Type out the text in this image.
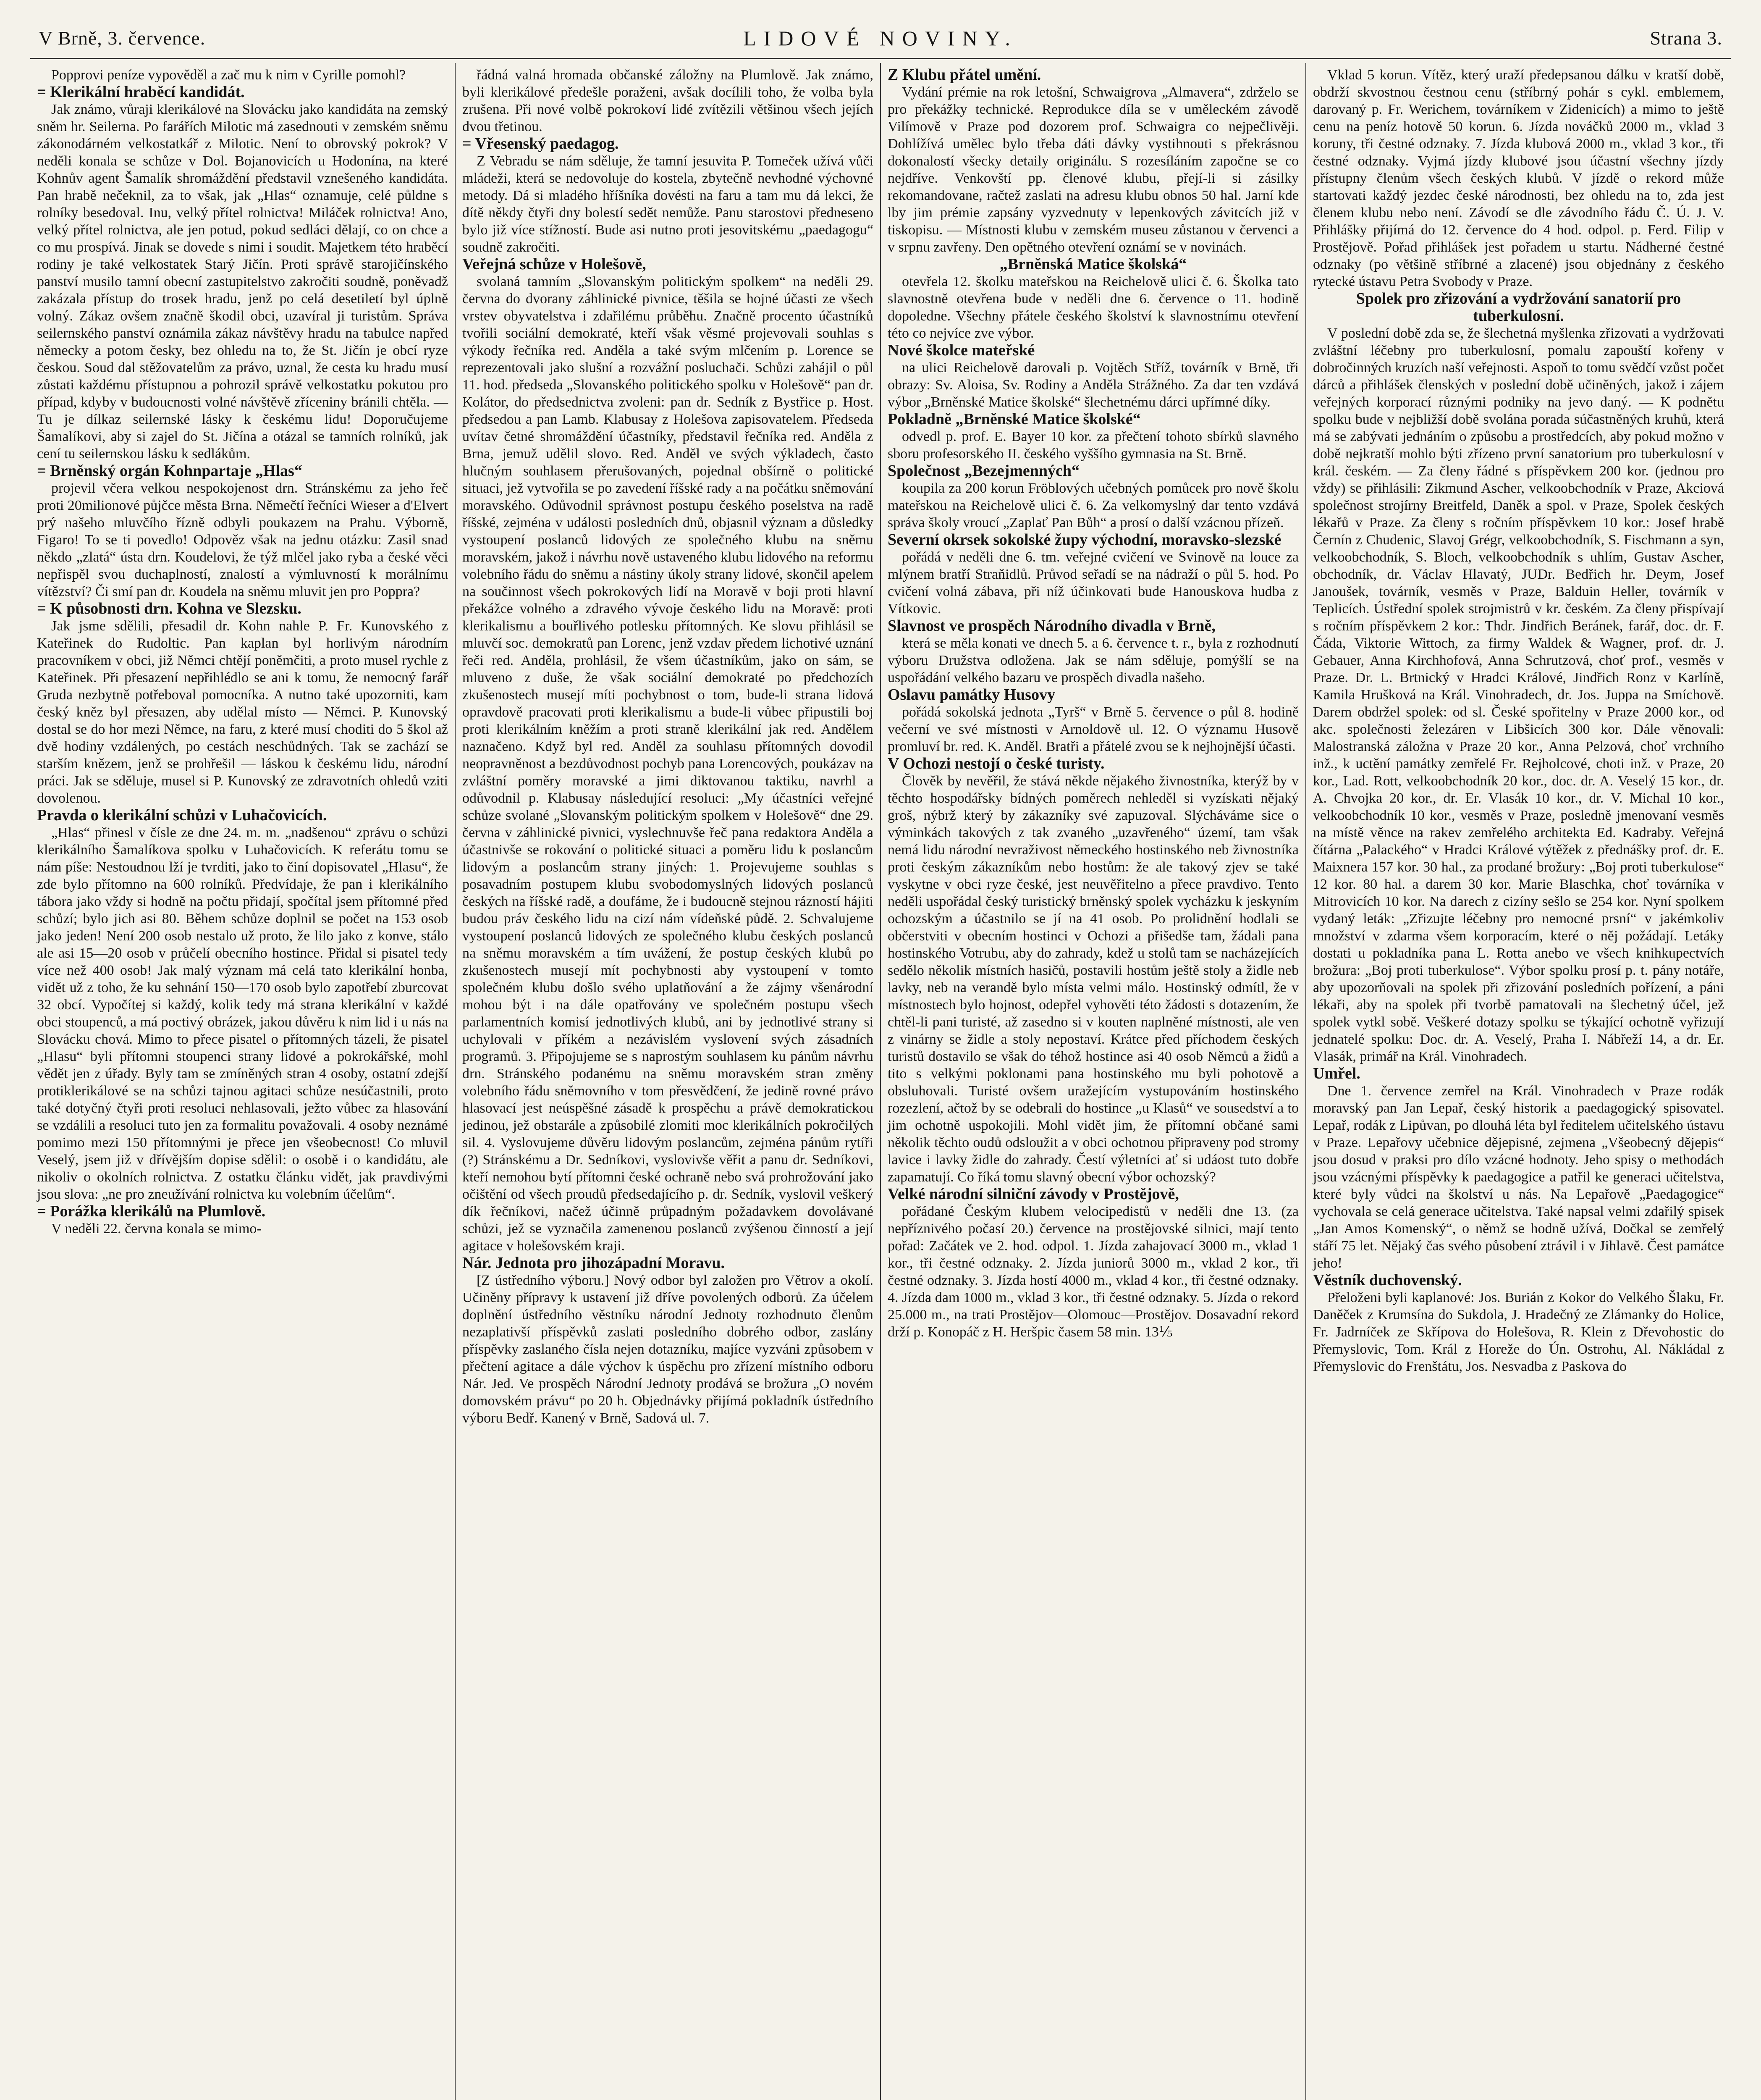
V Brně, 3. července.	LIDOVÉ NOVINY.	Strana 3.

Popprovi peníze vypověděl a zač mu k nim v Cyrille pomohl?

= Klerikální hraběcí kandidát.

Jak známo, vůraji klerikálové na Slovácku jako kandidáta na zemský sněm hr. Seilerna. Po farářích Milotic má zasednouti v zemském sněmu zákonodárném velkostatkář z Milotic. Není to obrovský pokrok? V neděli konala se schůze v Dol. Bojanovicích u Hodonína, na které Kohnův agent Šamalík shromáždění představil vznešeného kandidáta. Pan hrabě nečeknil, za to však, jak „Hlas“ oznamuje, celé půldne s rolníky besedoval. Inu, velký přítel rolnictva! Miláček rolnictva! Ano, velký přítel rolnictva, ale jen potud, pokud sedláci dělají, co on chce a co mu prospívá. Jinak se dovede s nimi i soudit. Majetkem této hraběcí rodiny je také velkostatek Starý Jičín. Proti správě starojičínského panství musilo tamní obecní zastupitelstvo zakročiti soudně, poněvadž zakázala přístup do trosek hradu, jenž po celá desetiletí byl úplně volný. Zákaz ovšem značně škodil obci, uzavíral ji turistům. Správa seilernského panství oznámila zákaz návštěvy hradu na tabulce napřed německy a potom česky, bez ohledu na to, že St. Jičín je obcí ryze českou. Soud dal stěžovatelům za právo, uznal, že cesta ku hradu musí zůstati každému přístupnou a pohrozil správě velkostatku pokutou pro případ, kdyby v budoucnosti volné návštěvě zříceniny bránili chtěla. — Tu je dílkaz seilernské lásky k českému lidu! Doporučujeme Šamalíkovi, aby si zajel do St. Jičína a otázal se tamních rolníků, jak cení tu seilernskou lásku k sedlákům.

= Brněnský orgán Kohnpartaje „Hlas“

projevil včera velkou nespokojenost drn. Stránskému za jeho řeč proti 20milionové půjčce města Brna. Němečtí řečníci Wieser a d'Elvert prý našeho mluvčího řízně odbyli poukazem na Prahu. Výborně, Figaro! To se ti povedlo! Odpověz však na jednu otázku: Zasil snad někdo „zlatá“ ústa drn. Koudelovi, že týž mlčel jako ryba a české věci nepřispěl svou duchaplností, znalostí a výmluvností k morálnímu vítězství? Či smí pan dr. Koudela na sněmu mluvit jen pro Poppra?

= K působnosti drn. Kohna ve Slezsku.

Jak jsme sdělili, přesadil dr. Kohn nahle P. Fr. Kunovského z Kateřinek do Rudoltic. Pan kaplan byl horlivým národním pracovníkem v obci, již Němci chtějí poněmčiti, a proto musel rychle z Kateřinek. Při přesazení nepřihlédlo se ani k tomu, že nemocný farář Gruda nezbytně potřeboval pomocníka. A nutno také upozorniti, kam český kněz byl přesazen, aby udělal místo — Němci. P. Kunovský dostal se do hor mezi Němce, na faru, z které musí choditi do 5 škol až dvě hodiny vzdálených, po cestách neschůdných. Tak se zachází se starším knězem, jenž se prohřešil — láskou k českému lidu, národní práci. Jak se sděluje, musel si P. Kunovský ze zdravotních ohledů vziti dovolenou.

Pravda o klerikální schůzi v Luhačovicích.

„Hlas“ přinesl v čísle ze dne 24. m. m. „nadšenou“ zprávu o schůzi klerikálního Šamalíkova spolku v Luhačovicích. K referátu tomu se nám píše: Nestoudnou lží je tvrditi, jako to činí dopisovatel „Hlasu“, že zde bylo přítomno na 600 rolníků. Předvídaje, že pan i klerikálního tábora jako vždy si hodně na počtu přidají, spočítal jsem přítomné před schůzí; bylo jich asi 80. Během schůze doplnil se počet na 153 osob jako jeden! Není 200 osob nestalo už proto, že lilo jako z konve, stálo ale asi 15—20 osob v průčelí obecního hostince. Přidal si pisatel tedy více než 400 osob! Jak malý význam má celá tato klerikální honba, vidět už z toho, že ku sehnání 150—170 osob bylo zapotřebí zburcovat 32 obcí. Vypočítej si každý, kolik tedy má strana klerikální v každé obci stoupenců, a má poctivý obrázek, jakou důvěru k nim lid i u nás na Slovácku chová. Mimo to přece pisatel o přítomných tázeli, že pisatel „Hlasu“ byli přítomni stoupenci strany lidové a pokrokářské, mohl vědět jen z úřady. Byly tam se zmíněných stran 4 osoby, ostatní zdejší protiklerikálové se na schůzi tajnou agitaci schůze nesúčastnili, proto také dotyčný čtyři proti resoluci nehlasovali, ježto vůbec za hlasování se vzdálili a resoluci tuto jen za formalitu považovali. 4 osoby neznámé pomimo mezi 150 přítomnými je přece jen všeobecnost! Co mluvil Veselý, jsem již v dřívějším dopise sdělil: o osobě i o kandidátu, ale nikoliv o okolních rolnictva. Z ostatku článku vidět, jak pravdivými jsou slova: „ne pro zneužívání rolnictva ku volebním účelům“.

= Porážka klerikálů na Plumlově.

V neděli 22. června konala se mimo-

řádná valná hromada občanské záložny na Plumlově. Jak známo, byli klerikálové předešle poraženi, avšak docílili toho, že volba byla zrušena. Při nové volbě pokrokoví lidé zvítězili většinou všech jejích dvou třetinou.

= Vřesenský paedagog.

Z Vebradu se nám sděluje, že tamní jesuvita P. Tomeček užívá vůči mládeži, která se nedovoluje do kostela, zbytečně nevhodné výchovné metody. Dá si mladého hříšníka dovésti na faru a tam mu dá lekci, že dítě někdy čtyři dny bolestí sedět nemůže. Panu starostovi předneseno bylo již více stížností. Bude asi nutno proti jesovitskému „paedagogu“ soudně zakročiti.

Veřejná schůze v Holešově,

svolaná tamním „Slovanským politickým spolkem“ na neděli 29. června do dvorany záhlinické pivnice, těšila se hojné účasti ze všech vrstev obyvatelstva i zdařilému průběhu. Značně procento účastníků tvořili sociální demokraté, kteří však věsmé projevovali souhlas s výkody řečníka red. Anděla a také svým mlčením p. Lorence se reprezentovali jako slušní a rozvážní posluchači. Schůzi zahájil o půl 11. hod. předseda „Slovanského politického spolku v Holešově“ pan dr. Kolátor, do předsednictva zvoleni: pan dr. Sedník z Bystřice p. Host. předsedou a pan Lamb. Klabusay z Holešova zapisovatelem. Předseda uvítav četné shromáždění účastníky, představil řečníka red. Anděla z Brna, jemuž udělil slovo. Red. Anděl ve svých výkladech, často hlučným souhlasem přerušovaných, pojednal obšírně o politické situaci, jež vytvořila se po zavedení říšské rady a na počátku sněmování moravského. Odůvodnil správnost postupu českého poselstva na radě říšské, zejména v události posledních dnů, objasnil význam a důsledky vystoupení poslanců lidových ze společného klubu na sněmu moravském, jakož i návrhu nově ustaveného klubu lidového na reformu volebního řádu do sněmu a nástiny úkoly strany lidové, skončil apelem na součinnost všech pokrokových lidí na Moravě v boji proti hlavní překážce volného a zdravého vývoje českého lidu na Moravě: proti klerikalismu a bouřlivého potlesku přítomných. Ke slovu přihlásil se mluvčí soc. demokratů pan Lorenc, jenž vzdav předem lichotivé uznání řeči red. Anděla, prohlásil, že všem účastníkům, jako on sám, se mluveno z duše, že však sociální demokraté po předchozích zkušenostech musejí míti pochybnost o tom, bude-li strana lidová opravdově pracovati proti klerikalismu a bude-li vůbec připustili boj proti klerikálním kněžím a proti straně klerikální jak red. Andělem naznačeno. Když byl red. Anděl za souhlasu přítomných dovodil neopravněnost a bezdůvodnost pochyb pana Lorencových, poukázav na zvláštní poměry moravské a jimi diktovanou taktiku, navrhl a odůvodnil p. Klabusay následující resoluci: „My účastníci veřejné schůze svolané „Slovanským politickým spolkem v Holešově“ dne 29. června v záhlinické pivnici, vyslechnuvše řeč pana redaktora Anděla a účastnivše se rokování o politické situaci a poměru lidu k poslancům lidovým a poslancům strany jiných: 1. Projevujeme souhlas s posavadním postupem klubu svobodomyslných lidových poslanců českých na říšské radě, a doufáme, že i budoucně stejnou rázností hájiti budou práv českého lidu na cizí nám vídeňské půdě. 2. Schvalujeme vystoupení poslanců lidových ze společného klubu českých poslanců na sněmu moravském a tím uvážení, že postup českých klubů po zkušenostech musejí mít pochybnosti aby vystoupení v tomto společném klubu došlo svého uplatňování a že zájmy všenárodní mohou být i na dále opatřovány ve společném postupu všech parlamentních komisí jednotlivých klubů, ani by jednotlivé strany si uchylovali v příkém a nezávislém vyslovení svých zásadních programů. 3. Připojujeme se s naprostým souhlasem ku pánům návrhu drn. Stránského podanému na sněmu moravském stran změny volebního řádu sněmovního v tom přesvědčení, že jedině rovné právo hlasovací jest neúspěšné zásadě k prospěchu a právě demokratickou jedinou, jež obstarále a způsobilé zlomiti moc klerikálních pokročilých sil. 4. Vyslovujeme důvěru lidovým poslancům, zejména pánům rytíři (?) Stránskému a Dr. Sedníkovi, vyslovivše věřit a panu dr. Sedníkovi, kteří nemohou bytí přítomni české ochraně nebo svá prohrožování jako očištění od všech proudů předsedajícího p. dr. Sedník, vyslovil veškerý dík řečníkovi, načež účinně průpadným požadavkem dovolávané schůzi, jež se vyznačila zamenenou poslanců zvýšenou činností a její agitace v holešovském kraji.

Nár. Jednota pro jihozápadní Moravu.

[Z ústředního výboru.] Nový odbor byl založen pro Větrov a okolí. Učiněny přípravy k ustavení již dříve povolených odborů. Za účelem doplnění ústředního věstníku národní Jednoty rozhodnuto členům nezaplativší příspěvků zaslati posledního dobrého odbor, zaslány příspěvky zaslaného čísla nejen dotazníku, majíce vyzváni způsobem v přečtení agitace a dále výchov k úspěchu pro zřízení místního odboru Nár. Jed. Ve prospěch Národní Jednoty prodává se brožura „O novém domovském právu“ po 20 h. Objednávky přijímá pokladník ústředního výboru Bedř. Kanený v Brně, Sadová ul. 7.

Z Klubu přátel umění.

Vydání prémie na rok letošní, Schwaigrova „Almavera“, zdrželo se pro překážky technické. Reprodukce díla se v uměleckém závodě Vilímově v Praze pod dozorem prof. Schwaigra co nejpečlivěji. Dohlížívá umělec bylo třeba dáti dávky vystihnouti s překrásnou dokonalostí všecky detaily originálu. S rozesíláním započne se co nejdříve. Venkovští pp. členové klubu, přejí-li si zásilky rekomandovane, račtež zaslati na adresu klubu obnos 50 hal. Jarní kde lby jim prémie zapsány vyzvednuty v lepenkových závitcích již v tiskopisu. — Místnosti klubu v zemském museu zůstanou v červenci a v srpnu zavřeny. Den opětného otevření oznámí se v novinách.

„Brněnská Matice školská“

otevřela 12. školku mateřskou na Reichelově ulici č. 6. Školka tato slavnostně otevřena bude v neděli dne 6. července o 11. hodině dopoledne. Všechny přátele českého školství k slavnostnímu otevření této co nejvíce zve výbor.

Nové školce mateřské

na ulici Reichelově darovali p. Vojtěch Stříž, továrník v Brně, tři obrazy: Sv. Aloisa, Sv. Rodiny a Anděla Strážného. Za dar ten vzdává výbor „Brněnské Matice školské“ šlechetnému dárci upřímné díky.

Pokladně „Brněnské Matice školské“

odvedl p. prof. E. Bayer 10 kor. za přečtení tohoto sbírků slavného sboru profesorského II. českého vyššího gymnasia na St. Brně.

Společnost „Bezejmenných“

koupila za 200 korun Fröblových učebných pomůcek pro nově školu mateřskou na Reichelově ulici č. 6. Za velkomyslný dar tento vzdává správa školy vroucí „Zaplať Pan Bůh“ a prosí o další vzácnou přízeň.

Severní okrsek sokolské župy východní, moravsko-slezské

pořádá v neděli dne 6. tm. veřejné cvičení ve Svinově na louce za mlýnem bratří Straňidlů. Průvod seřadí se na nádraží o půl 5. hod. Po cvičení volná zábava, při níž účinkovati bude Hanouskova hudba z Vítkovic.

Slavnost ve prospěch Národního divadla v Brně,

která se měla konati ve dnech 5. a 6. července t. r., byla z rozhodnutí výboru Družstva odložena. Jak se nám sděluje, pomýšlí se na uspořádání velkého bazaru ve prospěch divadla našeho.

Oslavu památky Husovy

pořádá sokolská jednota „Tyrš“ v Brně 5. července o půl 8. hodině večerní ve své místnosti v Arnoldově ul. 12. O významu Husově promluví br. red. K. Anděl. Bratři a přátelé zvou se k nejhojnější účasti.

V Ochozi nestojí o české turisty.

Člověk by nevěřil, že stává někde nějakého živnostníka, kterýž by v těchto hospodářsky bídných poměrech nehleděl si vyzískati nějaký groš, nýbrž který by zákazníky své zapuzoval. Slýcháváme sice o výminkách takových z tak zvaného „uzavřeného“ území, tam však nemá lidu národní nevraživost německého hostinského neb živnostníka proti českým zákazníkům nebo hostům: že ale takový zjev se také vyskytne v obci ryze české, jest neuvěřitelno a přece pravdivo. Tento neděli uspořádal český turistický brněnský spolek vycházku k jeskyním ochozským a účastnilo se jí na 41 osob. Po prolidnění hodlali se občerstviti v obecním hostinci v Ochozi a přišedše tam, žádali pana hostinského Votrubu, aby do zahrady, kdež u stolů tam se nacházejících sedělo několik místních hasičů, postavili hostům ještě stoly a židle neb lavky, neb na verandě bylo místa velmi málo. Hostinský odmítl, že v místnostech bylo hojnost, odepřel vyhověti této žádosti s dotazením, že chtěl-li pani turisté, až zasedno si v kouten naplněné místnosti, ale ven z vinárny se židle a stoly nepostaví. Krátce před příchodem českých turistů dostavilo se však do téhož hostince asi 40 osob Němců a židů a tito s velkými poklonami pana hostinského mu byli pohotově a obsluhovali. Turisté ovšem uražejícím vystupováním hostinského rozezlení, ačtož by se odebrali do hostince „u Klasů“ ve sousedství a to jim ochotně uspokojili. Mohl vidět jim, že přítomní občané sami několik těchto oudů odsloužit a v obci ochotnou připraveny pod stromy lavice i lavky židle do zahrady. Čestí výletníci ať si udáost tuto dobře zapamatují. Co říká tomu slavný obecní výbor ochozský?

Velké národní silniční závody v Prostějově,

pořádané Českým klubem velocipedistů v neděli dne 13. (za nepříznivého počasí 20.) července na prostějovské silnici, mají tento pořad: Začátek ve 2. hod. odpol. 1. Jízda zahajovací 3000 m., vklad 1 kor., tři čestné odznaky. 2. Jízda juniorů 3000 m., vklad 2 kor., tři čestné odznaky. 3. Jízda hostí 4000 m., vklad 4 kor., tři čestné odznaky. 4. Jízda dam 1000 m., vklad 3 kor., tři čestné odznaky. 5. Jízda o rekord 25.000 m., na trati Prostějov—Olomouc—Prostějov. Dosavadní rekord drží p. Konopáč z H. Heršpic časem 58 min. 13⅕

Vklad 5 korun. Vítěz, který uraží předepsanou dálku v kratší době, obdrží skvostnou čestnou cenu (stříbrný pohár s cykl. emblemem, darovaný p. Fr. Werichem, továrníkem v Zidenicích) a mimo to ještě cenu na peníz hotově 50 korun. 6. Jízda nováčků 2000 m., vklad 3 koruny, tři čestné odznaky. 7. Jízda klubová 2000 m., vklad 3 kor., tři čestné odznaky. Vyjmá jízdy klubové jsou účastní všechny jízdy přístupny členům všech českých klubů. V jízdě o rekord může startovati každý jezdec české národnosti, bez ohledu na to, zda jest členem klubu nebo není. Závodí se dle závodního řádu Č. Ú. J. V. Přihlášky přijímá do 12. července do 4 hod. odpol. p. Ferd. Filip v Prostějově. Pořad přihlášek jest pořadem u startu. Nádherné čestné odznaky (po většině stříbrné a zlacené) jsou objednány z českého rytecké ústavu Petra Svobody v Praze.

Spolek pro zřizování a vydržování sanatorií pro tuberkulosní.

V poslední době zda se, že šlechetná myšlenka zřizovati a vydržovati zvláštní léčebny pro tuberkulosní, pomalu zapouští kořeny v dobročinných kruzích naší veřejnosti. Aspoň to tomu svědčí vzůst počet dárců a přihlášek členských v poslední době učiněných, jakož i zájem veřejných korporací různými podniky na jevo daný. — K podnětu spolku bude v nejbližší době svolána porada súčastněných kruhů, která má se zabývati jednáním o způsobu a prostředcích, aby pokud možno v době nejkratší mohlo býti zřízeno první sanatorium pro tuberkulosní v král. českém. — Za členy řádné s příspěvkem 200 kor. (jednou pro vždy) se přihlásili: Zikmund Ascher, velkoobchodník v Praze, Akciová společnost strojírny Breitfeld, Daněk a spol. v Praze, Spolek českých lékařů v Praze. Za členy s ročním příspěvkem 10 kor.: Josef hrabě Černín z Chudenic, Slavoj Grégr, velkoobchodník, S. Fischmann a syn, velkoobchodník, S. Bloch, velkoobchodník s uhlím, Gustav Ascher, obchodník, dr. Václav Hlavatý, JUDr. Bedřich hr. Deym, Josef Janoušek, továrník, vesměs v Praze, Balduin Heller, továrník v Teplicích. Ústřední spolek strojmistrů v kr. českém. Za členy přispívají s ročním příspěvkem 2 kor.: Thdr. Jindřich Beránek, farář, doc. dr. F. Čáda, Viktorie Wittoch, za firmy Waldek & Wagner, prof. dr. J. Gebauer, Anna Kirchhofová, Anna Schrutzová, choť prof., vesměs v Praze. Dr. L. Brtnický v Hradci Králové, Jindřich Ronz v Karlíně, Kamila Hrušková na Král. Vinohradech, dr. Jos. Juppa na Smíchově. Darem obdržel spolek: od sl. České spořitelny v Praze 2000 kor., od akc. společnosti železáren v Libšicích 300 kor. Dále věnovali: Malostranská záložna v Praze 20 kor., Anna Pelzová, choť vrchního inž., k uctění památky zemřelé Fr. Rejholcové, choti inž. v Praze, 20 kor., Lad. Rott, velkoobchodník 20 kor., doc. dr. A. Veselý 15 kor., dr. A. Chvojka 20 kor., dr. Er. Vlasák 10 kor., dr. V. Michal 10 kor., velkoobchodník 10 kor., vesměs v Praze, posledně jmenovaní vesměs na místě věnce na rakev zemřelého architekta Ed. Kadraby. Veřejná čítárna „Palackého“ v Hradci Králové výtěžek z přednášky prof. dr. E. Maixnera 157 kor. 30 hal., za prodané brožury: „Boj proti tuberkulose“ 12 kor. 80 hal. a darem 30 kor. Marie Blaschka, choť továrníka v Mitrovicích 10 kor. Na darech z cizíny sešlo se 254 kor. Nyní spolkem vydaný leták: „Zřizujte léčebny pro nemocné prsní“ v jakémkoliv množství v zdarma všem korporacím, které o něj požádají. Letáky dostati u pokladníka pana L. Rotta anebo ve všech knihkupectvích brožura: „Boj proti tuberkulose“. Výbor spolku prosí p. t. pány notáře, aby upozorňovali na spolek při zřizování posledních pořízení, a páni lékaři, aby na spolek při tvorbě pamatovali na šlechetný účel, jež spolek vytkl sobě. Veškeré dotazy spolku se týkající ochotně vyřizují jednatelé spolku: Doc. dr. A. Veselý, Praha I. Nábřeží 14, a dr. Er. Vlasák, primář na Král. Vinohradech.

Umřel.

Dne 1. července zemřel na Král. Vinohradech v Praze rodák moravský pan Jan Lepař, český historik a paedagogický spisovatel. Lepař, rodák z Lipůvan, po dlouhá léta byl ředitelem učitelského ústavu v Praze. Lepařovy učebnice dějepisné, zejmena „Všeobecný dějepis“ jsou dosud v praksi pro dílo vzácné hodnoty. Jeho spisy o methodách jsou vzácnými příspěvky k paedagogice a patřil ke generaci učitelstva, které byly vůdci na školství u nás. Na Lepařově „Paedagogice“ vychovala se celá generace učitelstva. Také napsal velmi zdařilý spisek „Jan Amos Komenský“, o němž se hodně užívá, Dočkal se zemřelý stáří 75 let. Nějaký čas svého působení ztrávil i v Jihlavě. Čest památce jeho!

Věstník duchovenský.

Přeloženi byli kaplanové: Jos. Burián z Kokor do Velkého Šlaku, Fr. Daněček z Krumsína do Sukdola, J. Hradečný ze Zlámanky do Holice, Fr. Jadrníček ze Skřípova do Holešova, R. Klein z Dřevohostic do Přemyslovic, Tom. Král z Horeže do Ún. Ostrohu, Al. Nákládal z Přemyslovic do Frenštátu, Jos. Nesvadba z Paskova do
